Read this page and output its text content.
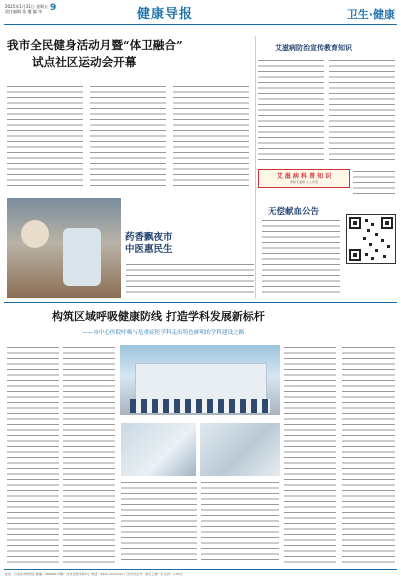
2025年1月31日 星期五
责任编辑 张 瓊 编 审 9	健康导报	卫生·健康
我市全民健身活动月暨“体卫融合”
试点社区运动会开幕
艾滋病防治宣传教育知识
艾 滋 病 科 普 知 识
预防艾滋病 人人有责
药香飘夜市
中医惠民生
无偿献血公告
构筑区域呼吸健康防线 打造学科发展新标杆
——市中心医院呼吸与危重症医学科走出特色鲜明的学科建设之路
社址：石家庄市桥西区 邮编：050000 印刷：河北日报印务中心 电话：0311-xxxxxxxx 广告许可证号：冀石工商广字 定价：1.50元
